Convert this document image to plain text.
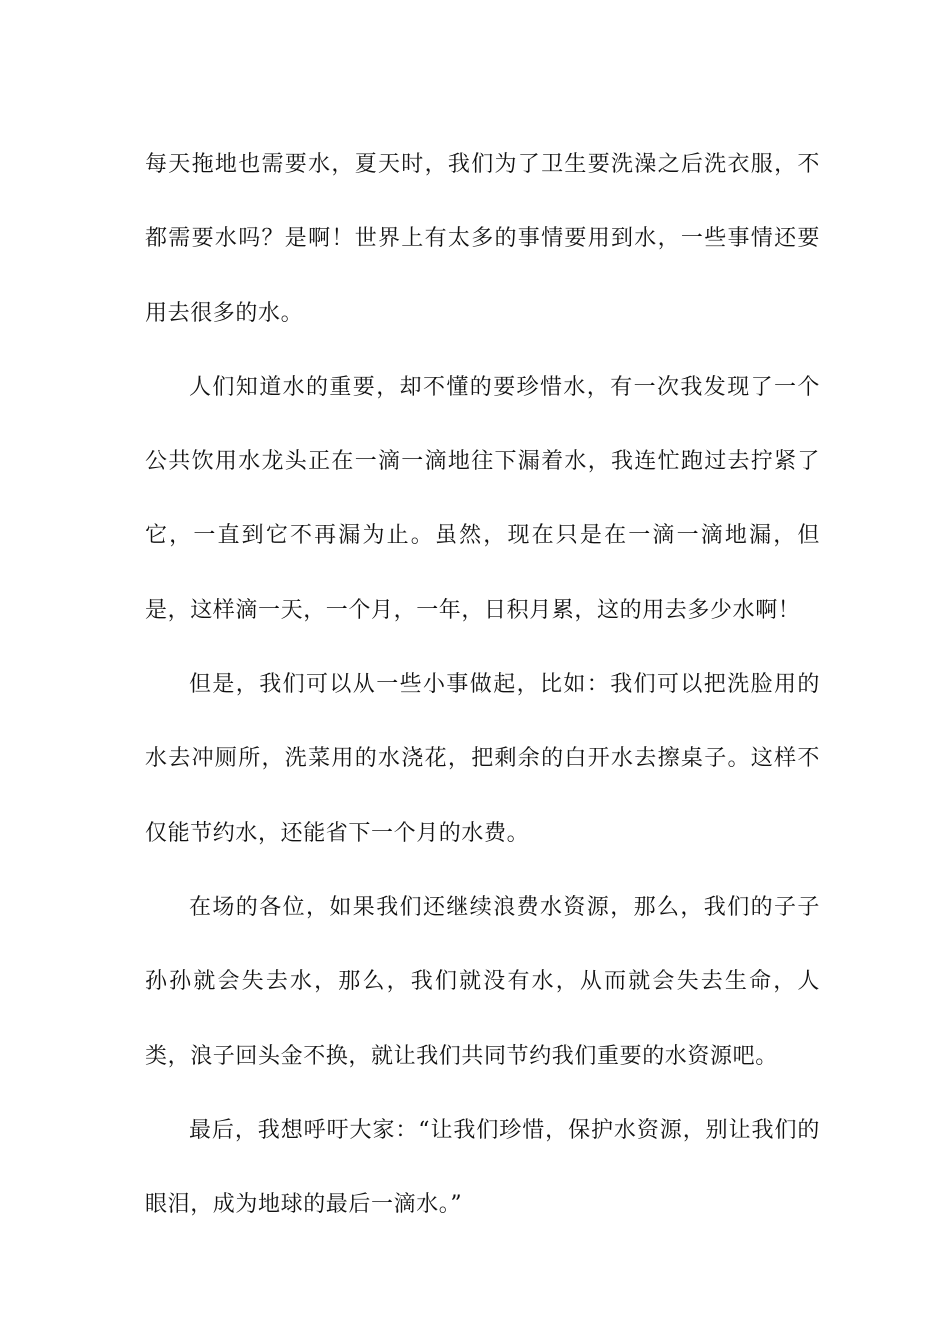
每天拖地也需要水，夏天时，我们为了卫生要洗澡之后洗衣服，不都需要水吗？是啊！世界上有太多的事情要用到水，一些事情还要用去很多的水。

人们知道水的重要，却不懂的要珍惜水，有一次我发现了一个公共饮用水龙头正在一滴一滴地往下漏着水，我连忙跑过去拧紧了它，一直到它不再漏为止。虽然，现在只是在一滴一滴地漏，但是，这样滴一天，一个月，一年，日积月累，这的用去多少水啊！

但是，我们可以从一些小事做起，比如：我们可以把洗脸用的水去冲厕所，洗菜用的水浇花，把剩余的白开水去擦桌子。这样不仅能节约水，还能省下一个月的水费。

在场的各位，如果我们还继续浪费水资源，那么，我们的子子孙孙就会失去水，那么，我们就没有水，从而就会失去生命，人类，浪子回头金不换，就让我们共同节约我们重要的水资源吧。

最后，我想呼吁大家：“让我们珍惜，保护水资源，别让我们的眼泪，成为地球的最后一滴水。”
